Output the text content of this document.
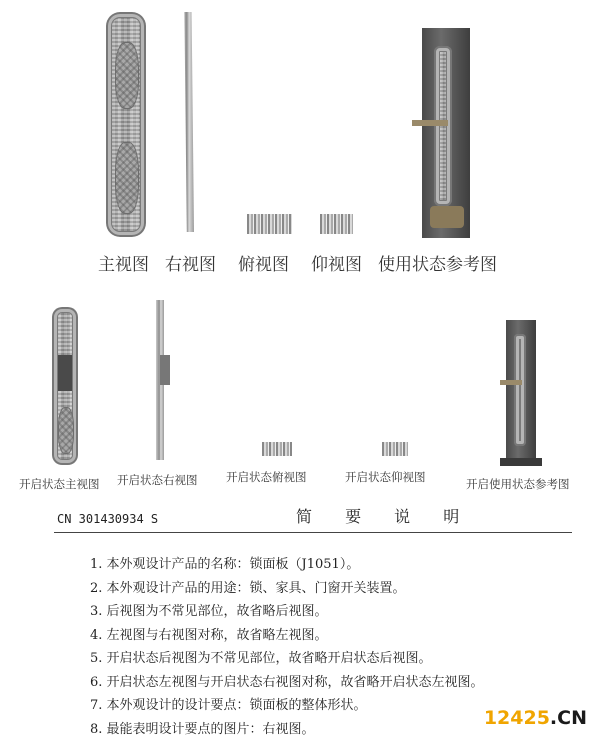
主视图 右视图 俯视图 仰视图 使用状态参考图
开启状态主视图 开启状态右视图 开启状态俯视图	开启状态仰视图	开启使用状态参考图
CN 301430934 S	简 要 说 明
1. 本外观设计产品的名称：锁面板（J1051）。
2. 本外观设计产品的用途：锁、家具、门窗开关装置。
3. 后视图为不常见部位，故省略后视图。
4. 左视图与右视图对称，故省略左视图。
5. 开启状态后视图为不常见部位，故省略开启状态后视图。
6. 开启状态左视图与开启状态右视图对称，故省略开启状态左视图。
7. 本外观设计的设计要点：锁面板的整体形状。
8. 最能表明设计要点的图片：右视图。	12425.CN
